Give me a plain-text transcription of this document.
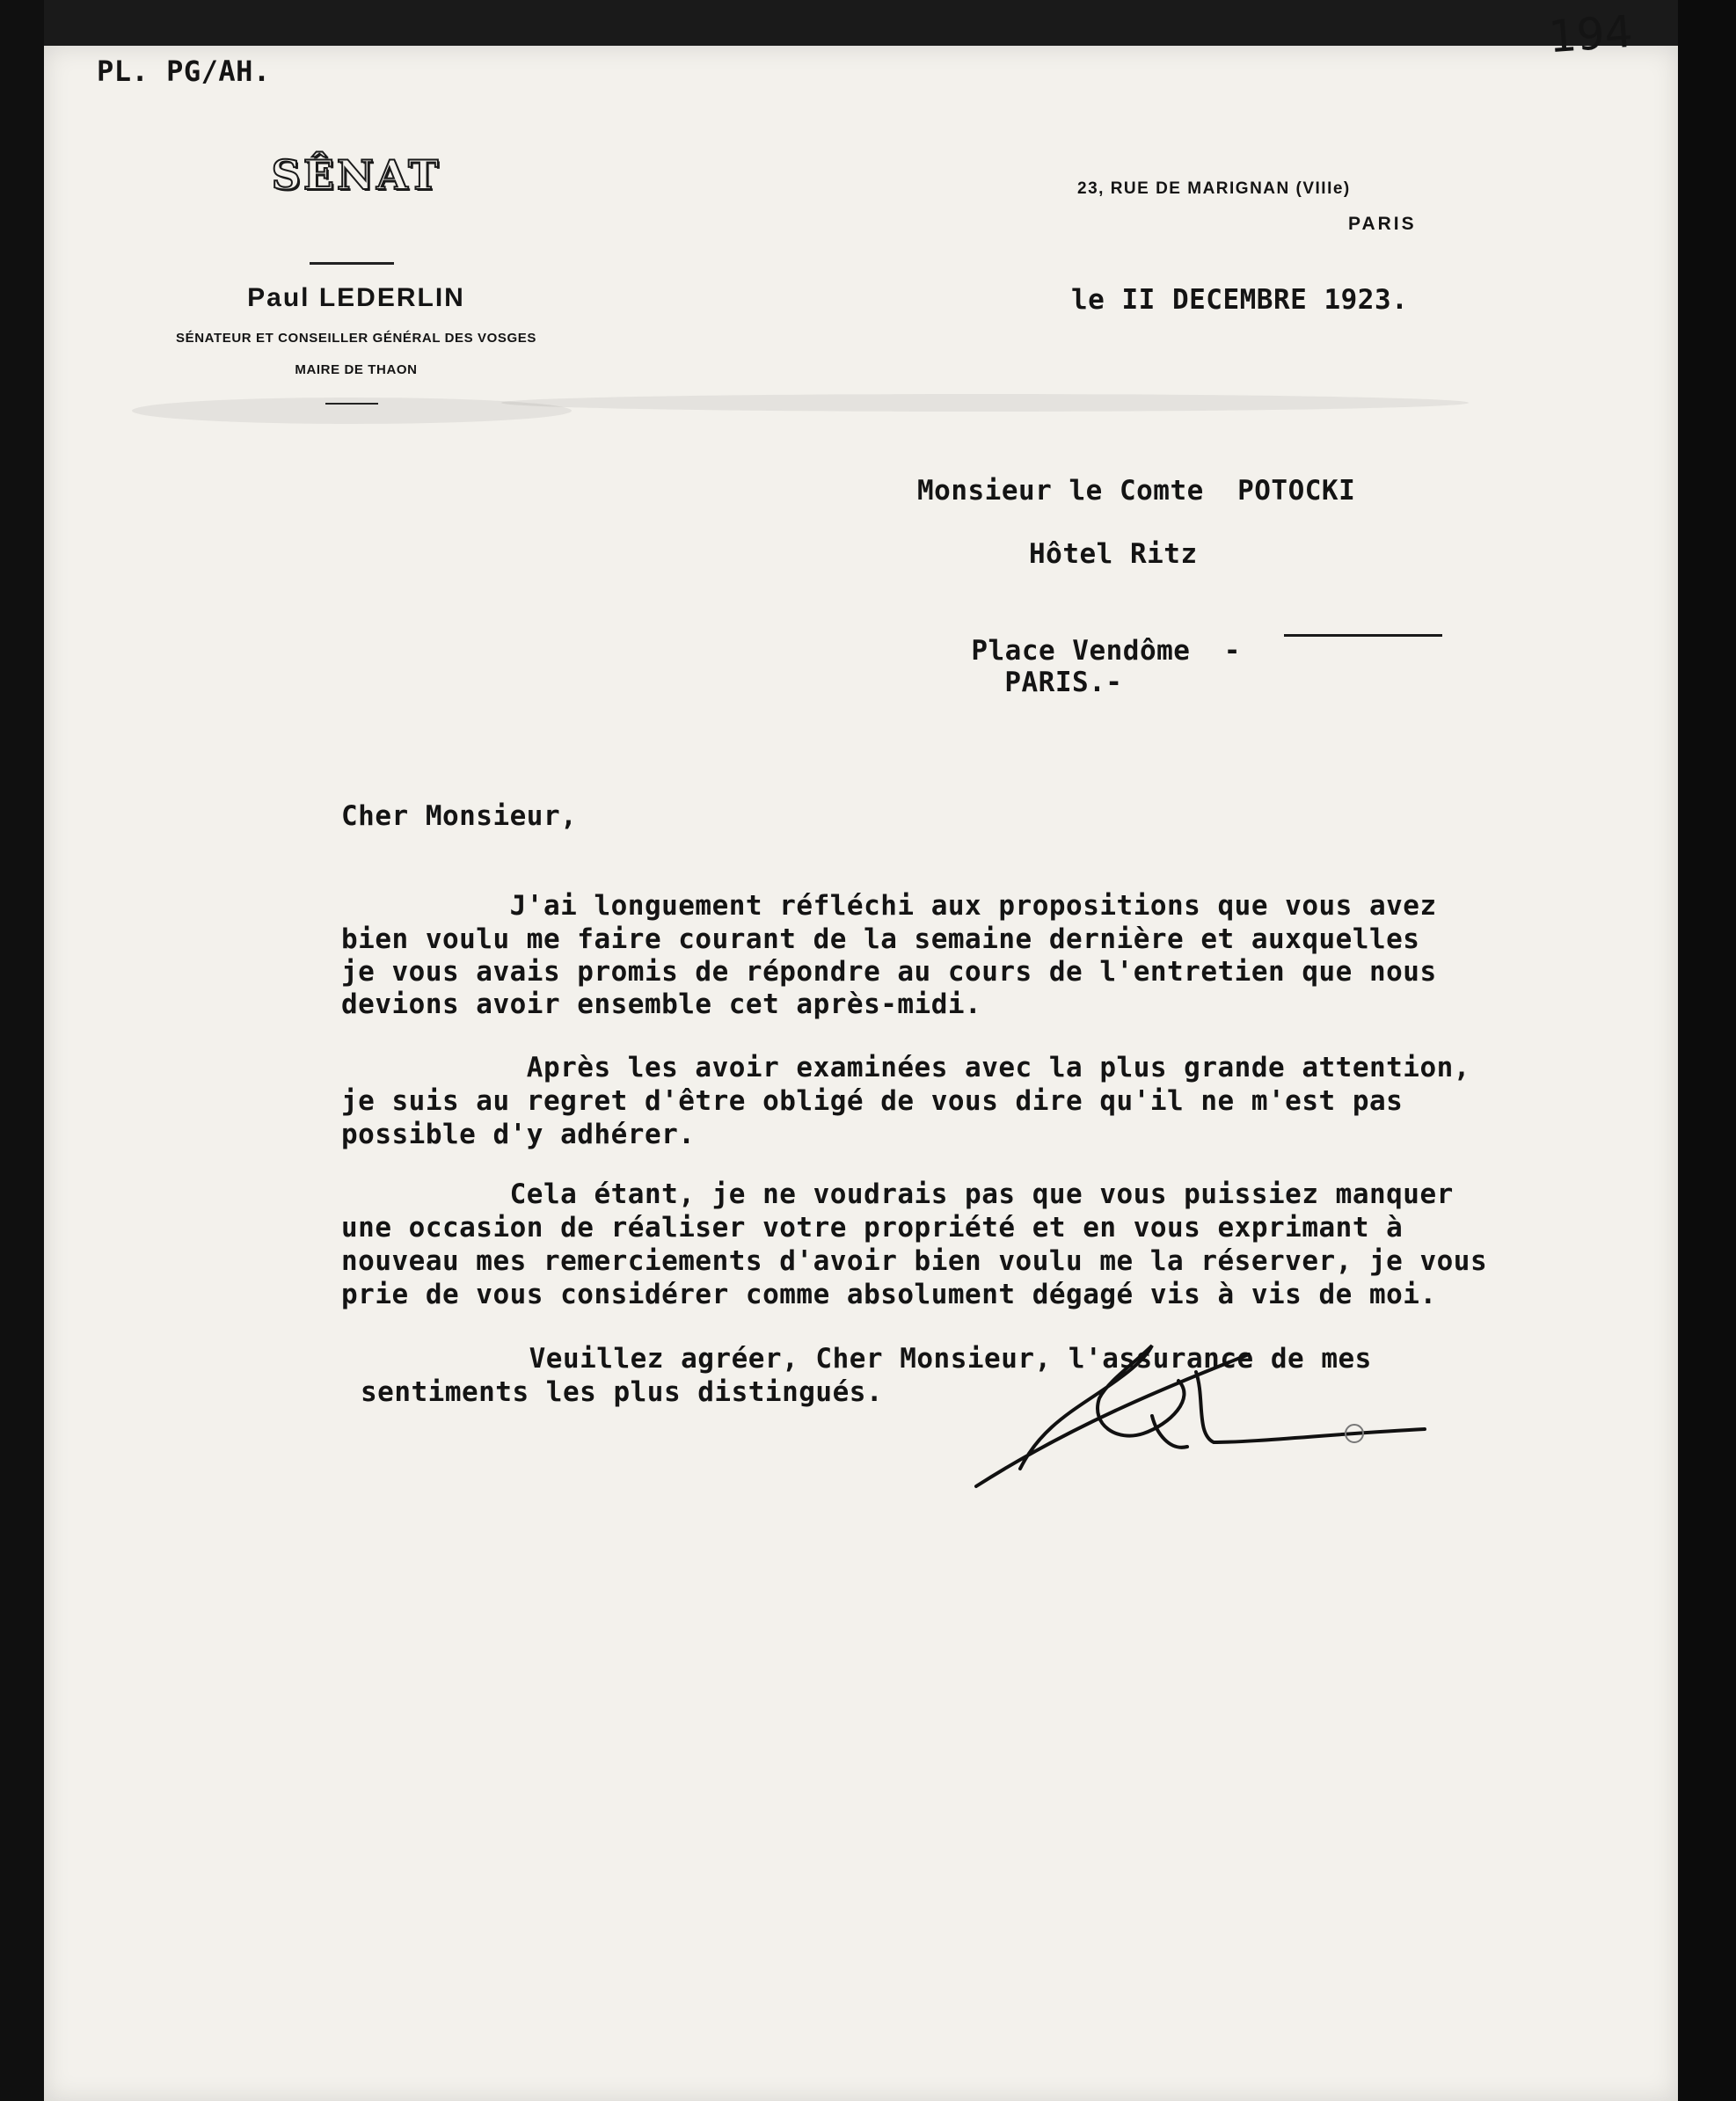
PL. PG/AH.
194
SÊNAT
Paul LEDERLIN
SÉNATEUR ET CONSEILLER GÉNÉRAL DES VOSGES
MAIRE DE THAON
23, RUE DE MARIGNAN (VIIIe)
PARIS
le II DECEMBRE 1923.
Monsieur le Comte  POTOCKI
Hôtel Ritz

Place Vendôme  -
PARIS.-

Cher Monsieur,
J'ai longuement réfléchi aux propositions que vous avez
bien voulu me faire courant de la semaine dernière et auxquelles
je vous avais promis de répondre au cours de l'entretien que nous
devions avoir ensemble cet après-midi.
Après les avoir examinées avec la plus grande attention,
je suis au regret d'être obligé de vous dire qu'il ne m'est pas
possible d'y adhérer.
Cela étant, je ne voudrais pas que vous puissiez manquer
une occasion de réaliser votre propriété et en vous exprimant à
nouveau mes remerciements d'avoir bien voulu me la réserver, je vous
prie de vous considérer comme absolument dégagé vis à vis de moi.
Veuillez agréer, Cher Monsieur, l'assurance de mes
sentiments les plus distingués.
